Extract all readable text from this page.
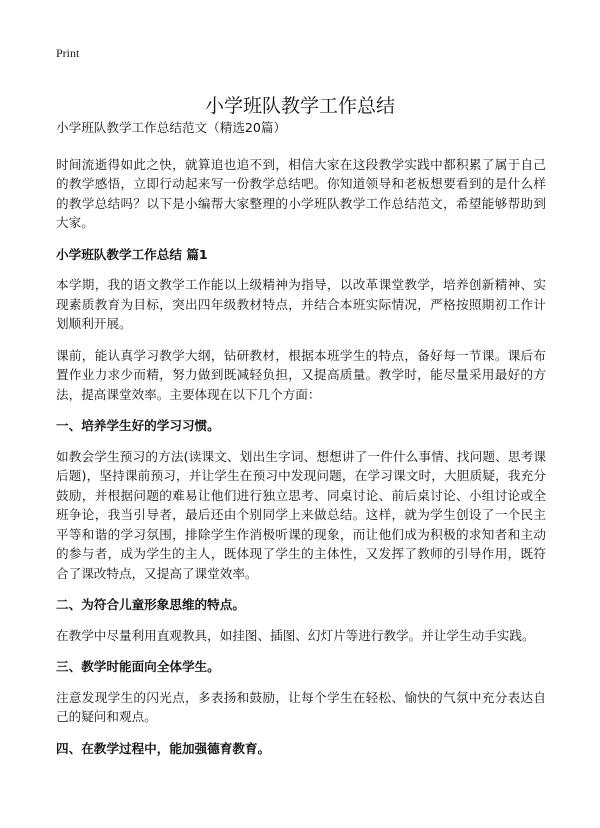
Print
小学班队教学工作总结

小学班队教学工作总结范文（精选20篇）

时间流逝得如此之快，就算追也追不到，相信大家在这段教学实践中都积累了属于自己的教学感悟，立即行动起来写一份教学总结吧。你知道领导和老板想要看到的是什么样的教学总结吗？以下是小编帮大家整理的小学班队教学工作总结范文，希望能够帮助到大家。

小学班队教学工作总结 篇1

本学期，我的语文教学工作能以上级精神为指导，以改革课堂教学，培养创新精神、实现素质教育为目标，突出四年级教材特点，并结合本班实际情况，严格按照期初工作计划顺利开展。

课前，能认真学习教学大纲，钻研教材，根据本班学生的特点，备好每一节课。课后布置作业力求少而精，努力做到既减轻负担，又提高质量。教学时，能尽量采用最好的方法，提高课堂效率。主要体现在以下几个方面：

一、培养学生好的学习习惯。

如教会学生预习的方法(读课文、划出生字词、想想讲了一件什么事情、找问题、思考课后题)，坚持课前预习，并让学生在预习中发现问题，在学习课文时，大胆质疑，我充分鼓励，并根据问题的难易让他们进行独立思考、同桌讨论、前后桌讨论、小组讨论或全班争论，我当引导者，最后还由个别同学上来做总结。这样，就为学生创设了一个民主平等和谐的学习氛围，排除学生作消极听课的现象，而让他们成为积极的求知者和主动的参与者，成为学生的主人，既体现了学生的主体性，又发挥了教师的引导作用，既符合了课改特点，又提高了课堂效率。

二、为符合儿童形象思维的特点。

在教学中尽量利用直观教具，如挂图、插图、幻灯片等进行教学。并让学生动手实践。

三、教学时能面向全体学生。

注意发现学生的闪光点，多表扬和鼓励，让每个学生在轻松、愉快的气氛中充分表达自己的疑问和观点。

四、在教学过程中，能加强德育教育。
